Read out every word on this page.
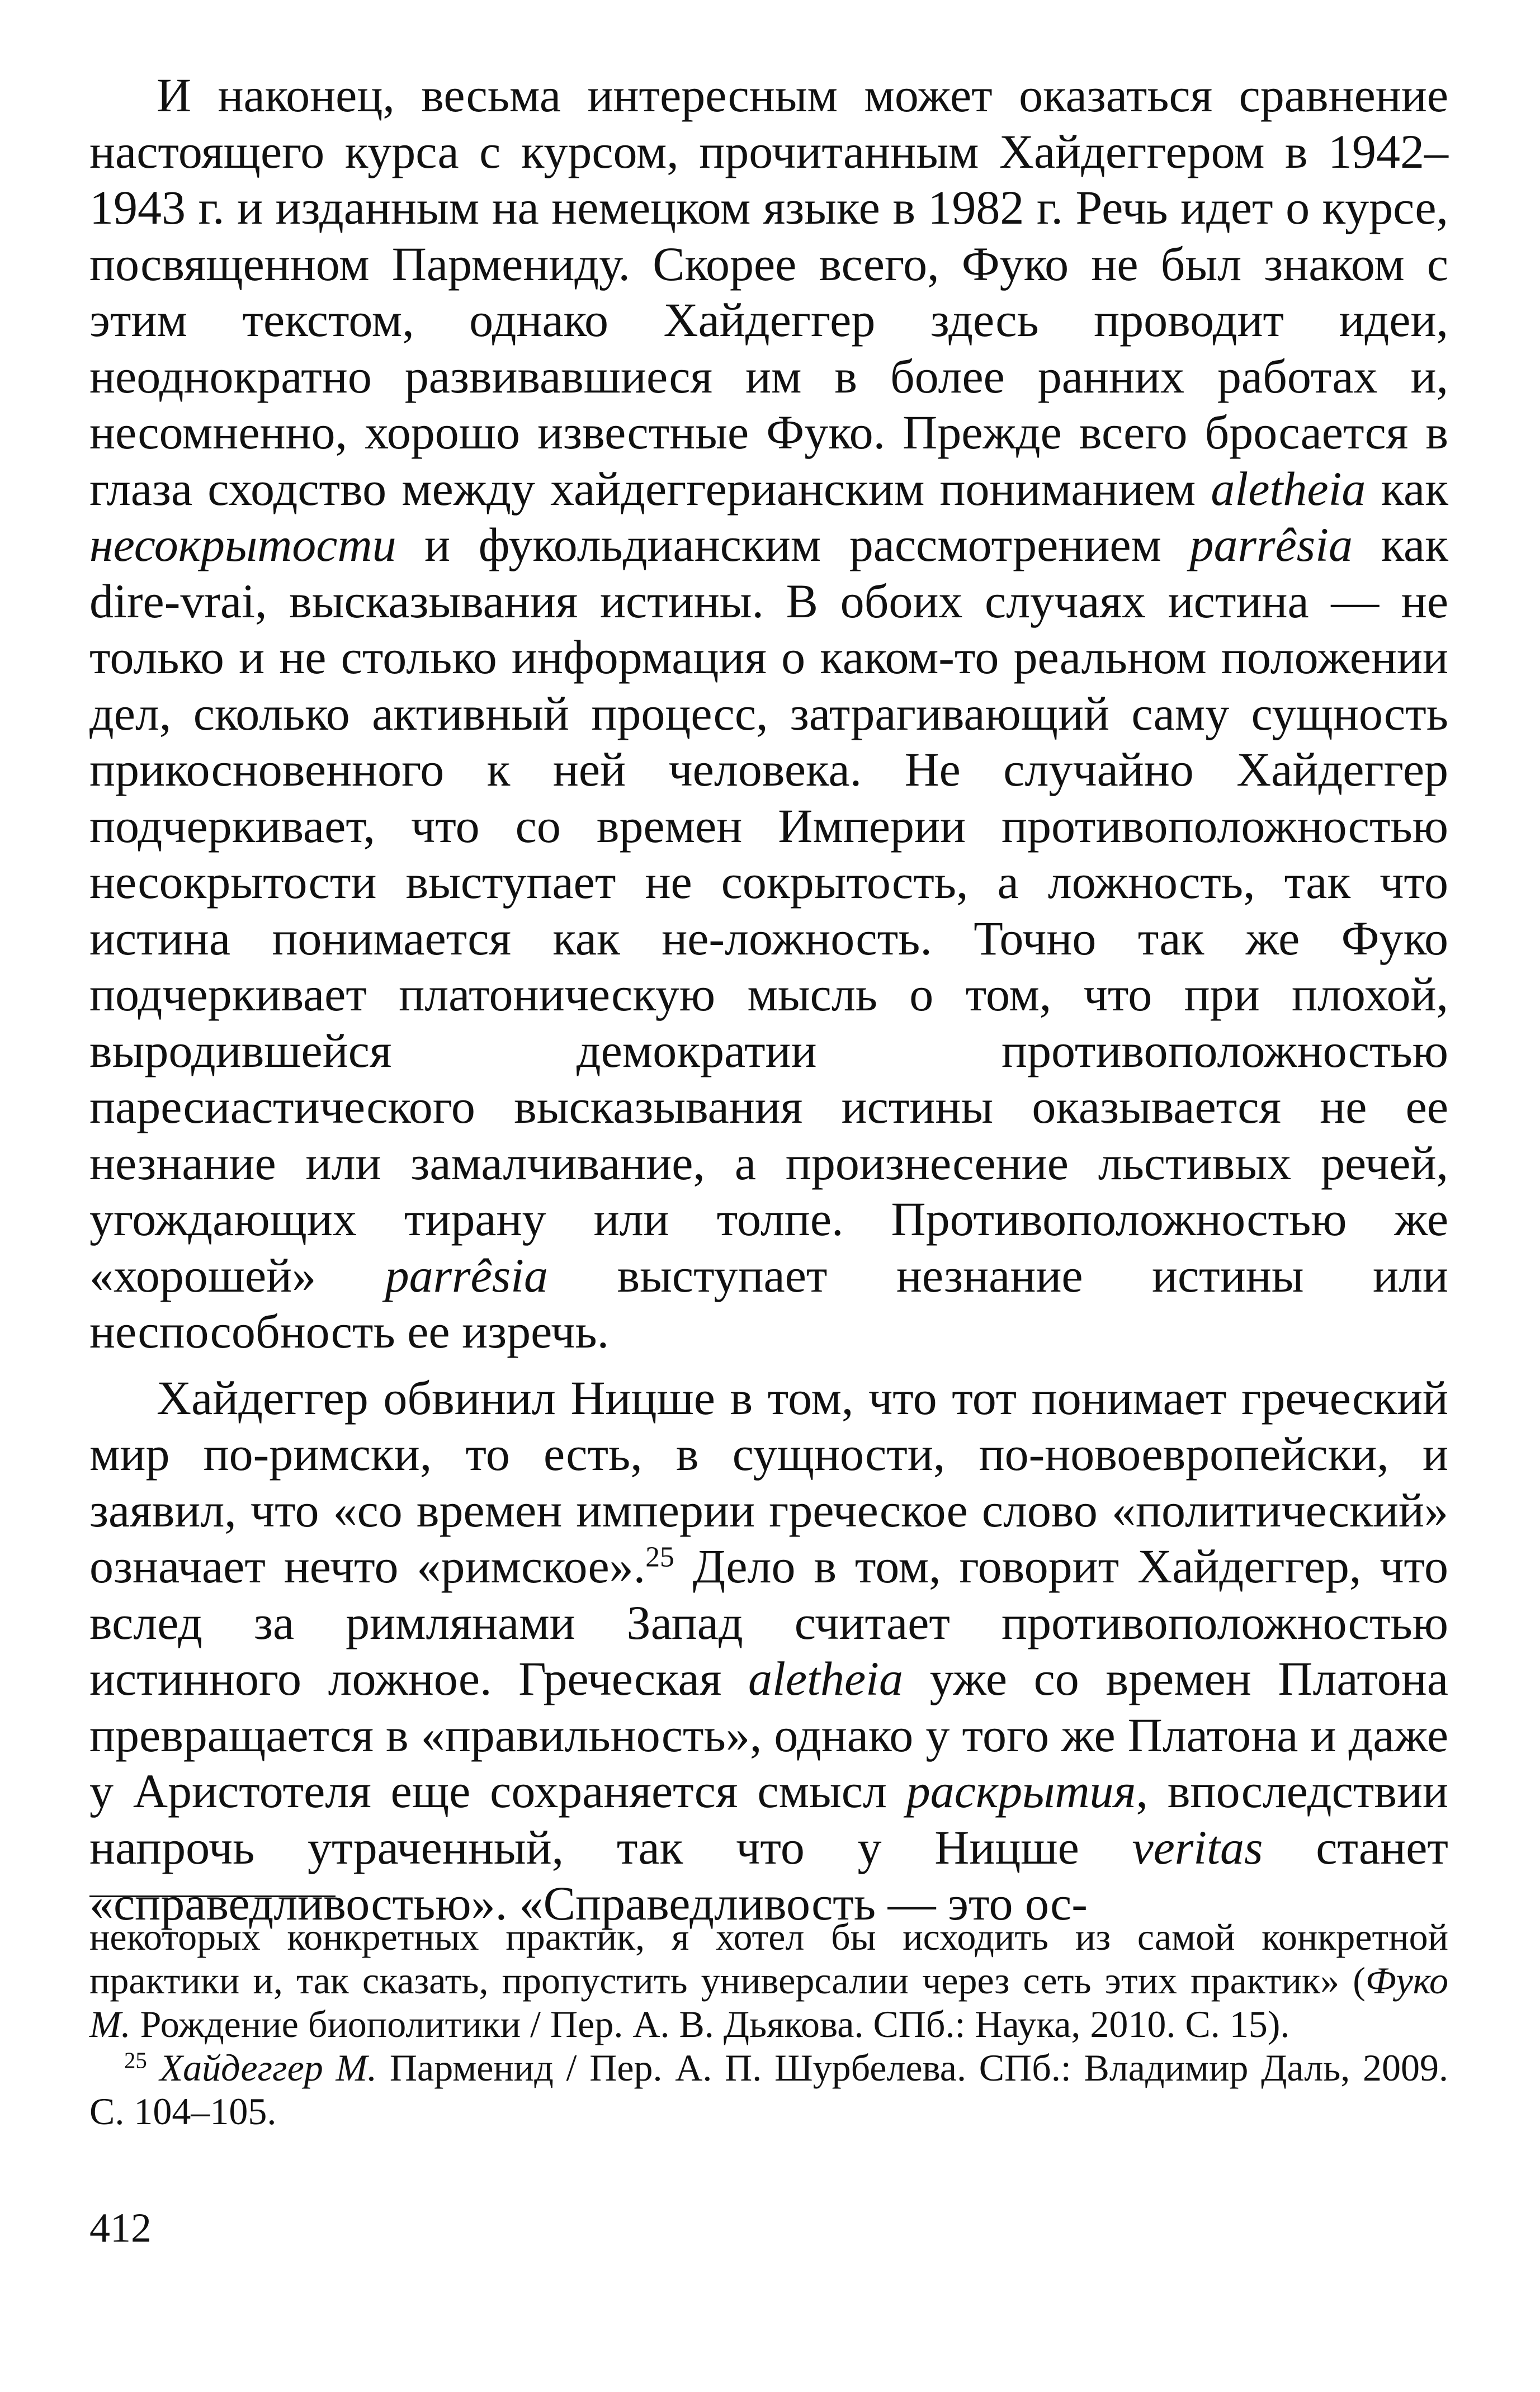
И наконец, весьма интересным может оказаться сравнение настоящего курса с курсом, прочитанным Хайдеггером в 1942–1943 г. и изданным на немецком языке в 1982 г. Речь идет о курсе, посвященном Пармениду. Скорее всего, Фуко не был знаком с этим текстом, однако Хайдеггер здесь проводит идеи, неоднократно развивавшиеся им в более ранних работах и, несомненно, хорошо известные Фуко. Прежде всего бросается в глаза сходство между хайдеггерианским пониманием aletheia как несокрытости и фукольдианским рассмотрением parrêsia как dire-vrai, высказывания истины. В обоих случаях истина — не только и не столько информация о каком-то реальном положении дел, сколько активный процесс, затрагивающий саму сущность прикосновенного к ней человека. Не случайно Хайдеггер подчеркивает, что со времен Империи противоположностью несокрытости выступает не сокрытость, а ложность, так что истина понимается как не-ложность. Точно так же Фуко подчеркивает платоническую мысль о том, что при плохой, выродившейся демократии противоположностью паресиастического высказывания истины оказывается не ее незнание или замалчивание, а произнесение льстивых речей, угождающих тирану или толпе. Противоположностью же «хорошей» parrêsia выступает незнание истины или неспособность ее изречь.

Хайдеггер обвинил Ницше в том, что тот понимает греческий мир по-римски, то есть, в сущности, по-новоевропейски, и заявил, что «со времен империи греческое слово «политический» означает нечто «римское».$^{25}$ Дело в том, говорит Хайдеггер, что вслед за римлянами Запад считает противоположностью истинного ложное. Греческая aletheia уже со времен Платона превращается в «правильность», однако у того же Платона и даже у Аристотеля еще сохраняется смысл раскрытия, впоследствии напрочь утраченный, так что у Ницше veritas станет «справедливостью». «Справедливость — это ос-

некоторых конкретных практик, я хотел бы исходить из самой конкретной практики и, так сказать, пропустить универсалии через сеть этих практик» (Фуко М. Рождение биополитики / Пер. А. В. Дьякова. СПб.: Наука, 2010. С. 15).

$^{25}$ Хайдеггер М. Парменид / Пер. А. П. Шурбелева. СПб.: Владимир Даль, 2009. С. 104–105.

412
